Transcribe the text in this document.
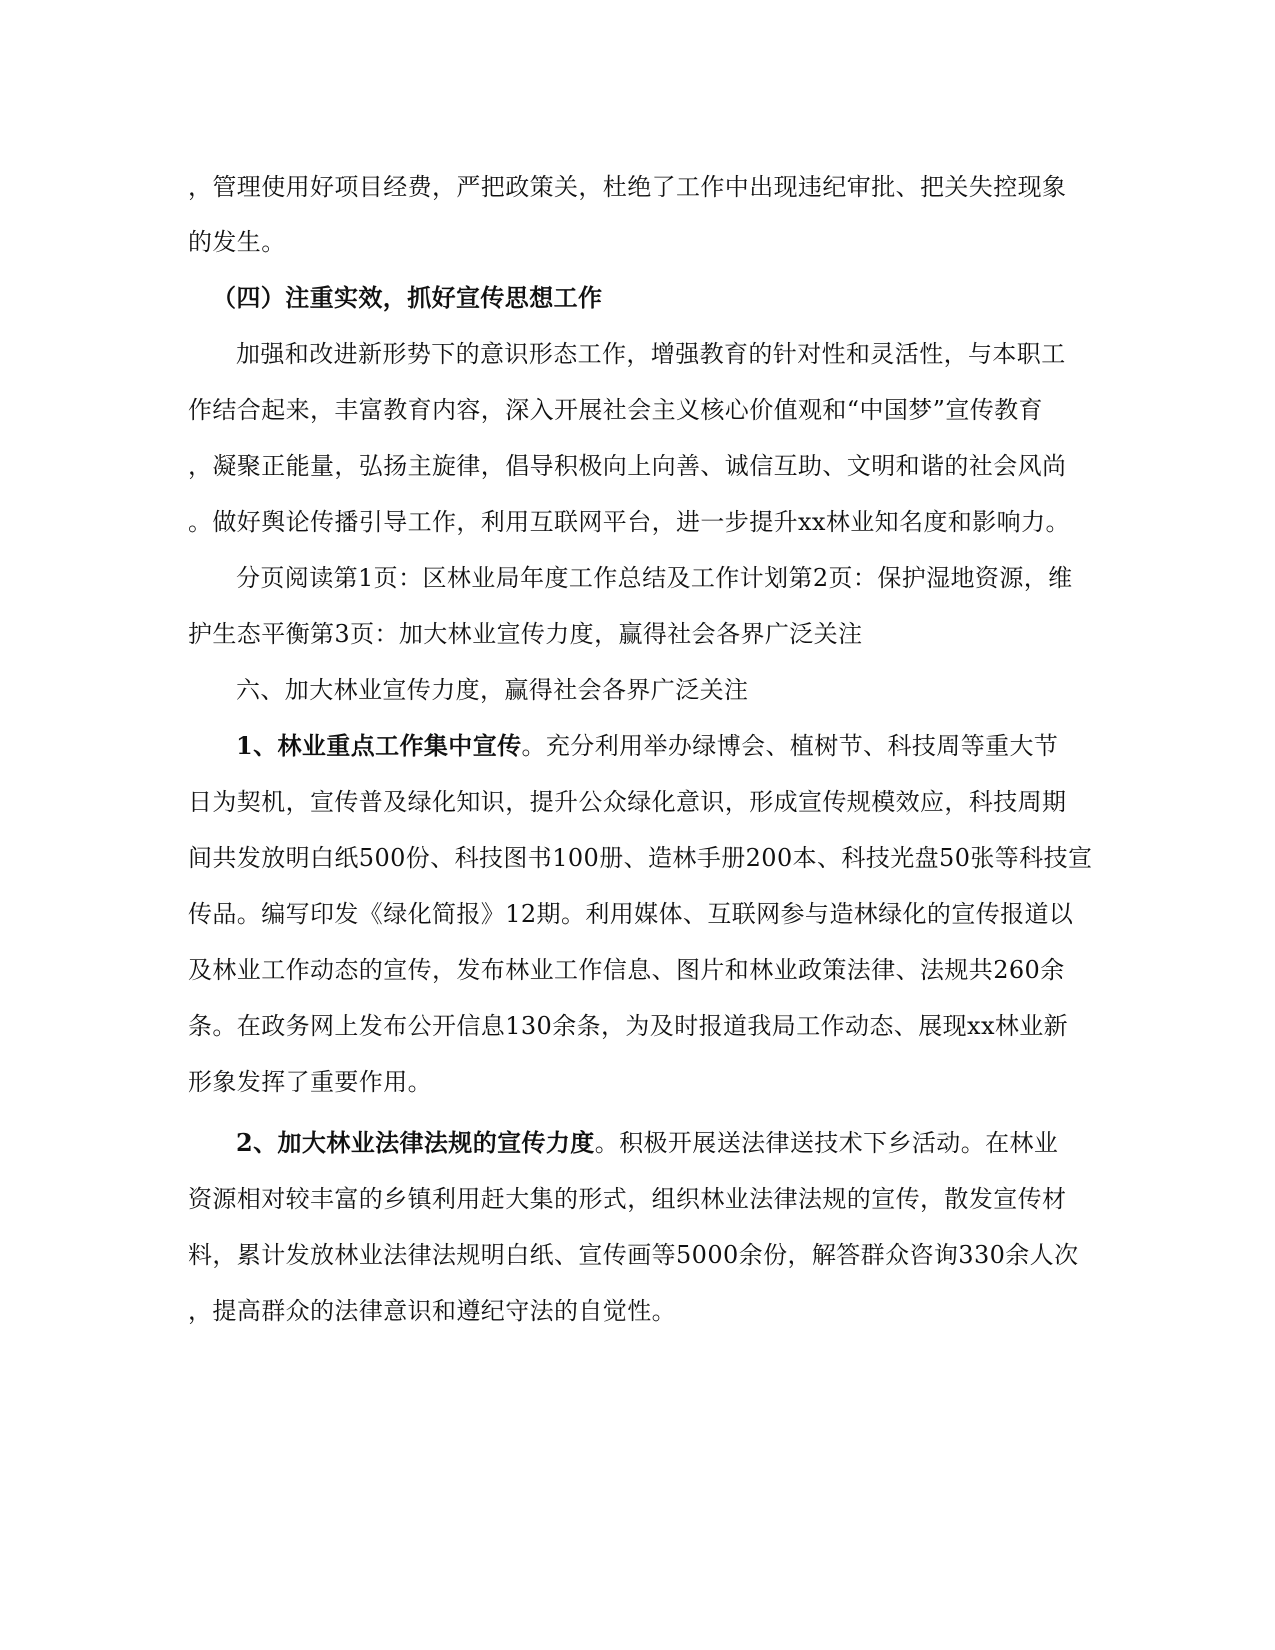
，管理使用好项目经费，严把政策关，杜绝了工作中出现违纪审批、把关失控现象
的发生。
（四）注重实效，抓好宣传思想工作
加强和改进新形势下的意识形态工作，增强教育的针对性和灵活性，与本职工
作结合起来，丰富教育内容，深入开展社会主义核心价值观和“中国梦”宣传教育
，凝聚正能量，弘扬主旋律，倡导积极向上向善、诚信互助、文明和谐的社会风尚
。做好舆论传播引导工作，利用互联网平台，进一步提升xx林业知名度和影响力。
分页阅读第1页：区林业局年度工作总结及工作计划第2页：保护湿地资源，维
护生态平衡第3页：加大林业宣传力度，赢得社会各界广泛关注
六、加大林业宣传力度，赢得社会各界广泛关注
1、林业重点工作集中宣传。充分利用举办绿博会、植树节、科技周等重大节
日为契机，宣传普及绿化知识，提升公众绿化意识，形成宣传规模效应，科技周期
间共发放明白纸500份、科技图书100册、造林手册200本、科技光盘50张等科技宣
传品。编写印发《绿化简报》12期。利用媒体、互联网参与造林绿化的宣传报道以
及林业工作动态的宣传，发布林业工作信息、图片和林业政策法律、法规共260余
条。在政务网上发布公开信息130余条，为及时报道我局工作动态、展现xx林业新
形象发挥了重要作用。
2、加大林业法律法规的宣传力度。积极开展送法律送技术下乡活动。在林业
资源相对较丰富的乡镇利用赶大集的形式，组织林业法律法规的宣传，散发宣传材
料，累计发放林业法律法规明白纸、宣传画等5000余份，解答群众咨询330余人次
，提高群众的法律意识和遵纪守法的自觉性。
